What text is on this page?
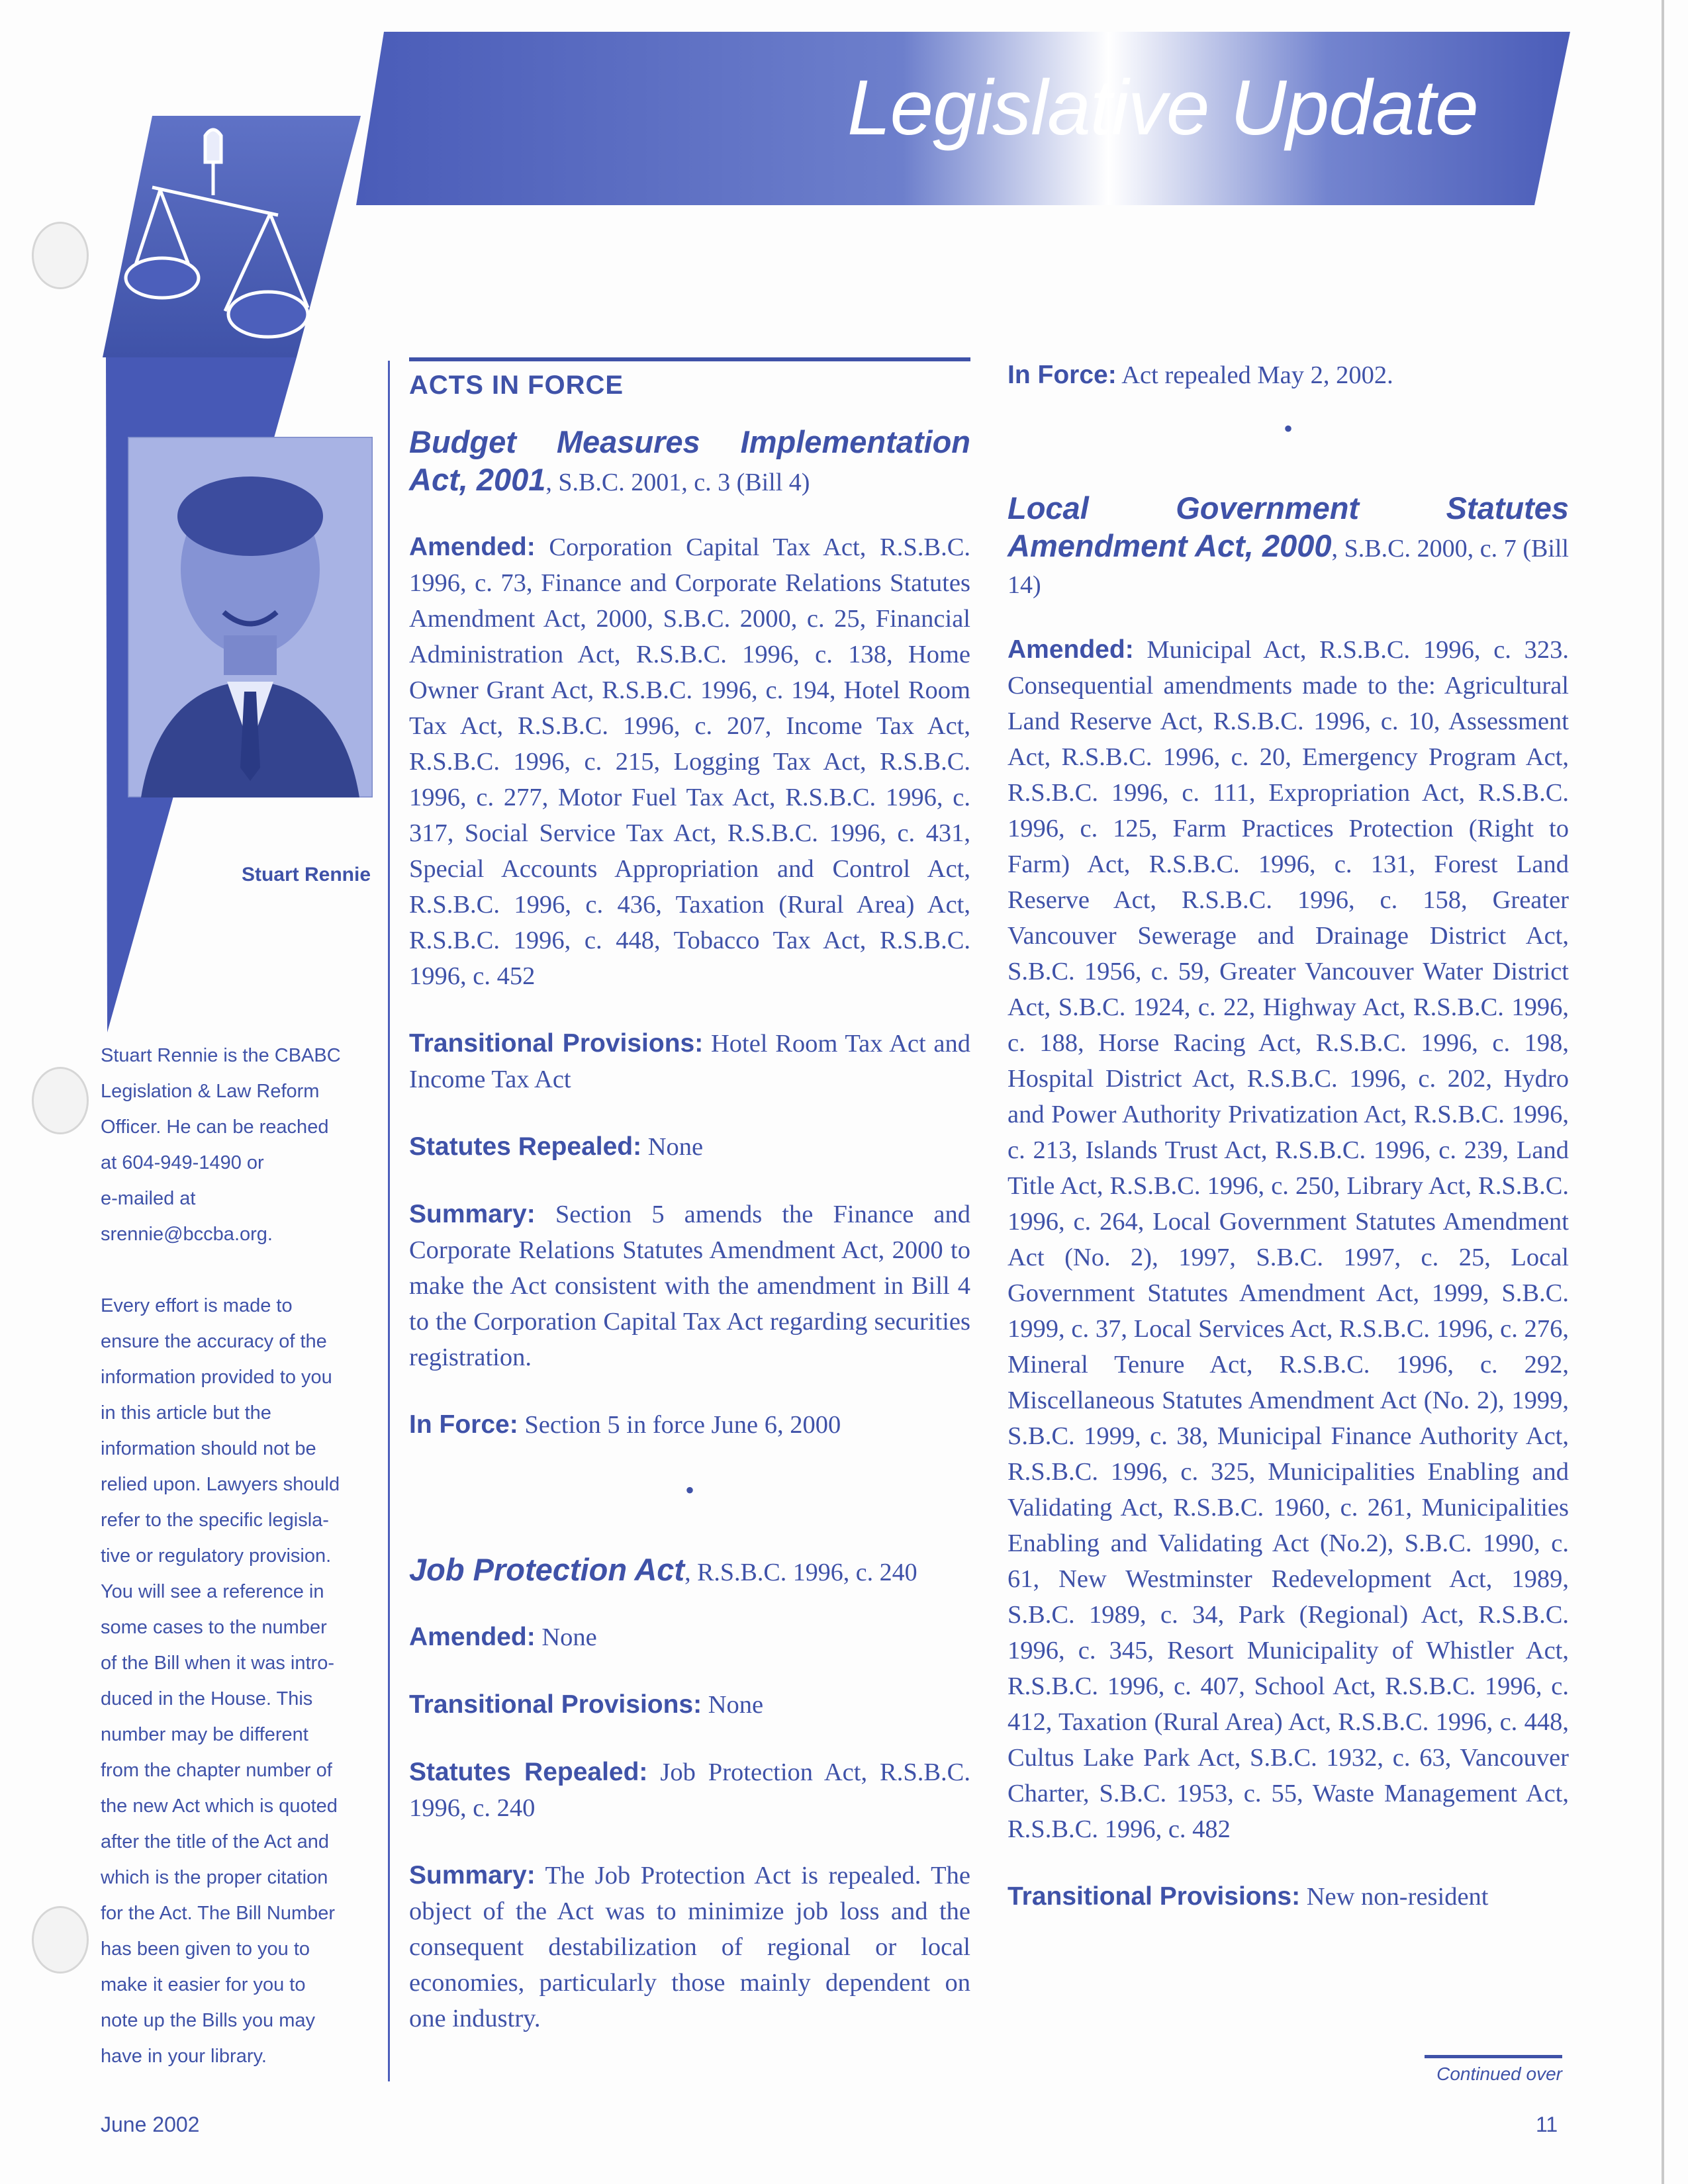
Legislative Update
Stuart Rennie

Stuart Rennie is the CBABC
Legislation & Law Reform
Officer. He can be reached
at 604-949-1490 or
e-mailed at
srennie@bccba.org.

Every effort is made to
ensure the accuracy of the
information provided to you
in this article but the
information should not be
relied upon. Lawyers should
refer to the specific legisla-
tive or regulatory provision.
You will see a reference in
some cases to the number
of the Bill when it was intro-
duced in the House. This
number may be different
from the chapter number of
the new Act which is quoted
after the title of the Act and
which is the proper citation
for the Act. The Bill Number
has been given to you to
make it easier for you to
note up the Bills you may
have in your library.

ACTS IN FORCE
Budget Measures Implementation Act, 2001, S.B.C. 2001, c. 3 (Bill 4)

Amended: Corporation Capital Tax Act, R.S.B.C. 1996, c. 73, Finance and Corporate Relations Statutes Amendment Act, 2000, S.B.C. 2000, c. 25, Financial Administration Act, R.S.B.C. 1996, c. 138, Home Owner Grant Act, R.S.B.C. 1996, c. 194, Hotel Room Tax Act, R.S.B.C. 1996, c. 207, Income Tax Act, R.S.B.C. 1996, c. 215, Logging Tax Act, R.S.B.C. 1996, c. 277, Motor Fuel Tax Act, R.S.B.C. 1996, c. 317, Social Service Tax Act, R.S.B.C. 1996, c. 431, Special Accounts Appropriation and Control Act, R.S.B.C. 1996, c. 436, Taxation (Rural Area) Act, R.S.B.C. 1996, c. 448, Tobacco Tax Act, R.S.B.C. 1996, c. 452

Transitional Provisions: Hotel Room Tax Act and Income Tax Act

Statutes Repealed: None

Summary: Section 5 amends the Finance and Corporate Relations Statutes Amendment Act, 2000 to make the Act consistent with the amendment in Bill 4 to the Corporation Capital Tax Act regarding securities registration.

In Force: Section 5 in force June 6, 2000

•
Job Protection Act, R.S.B.C. 1996, c. 240

Amended: None

Transitional Provisions: None

Statutes Repealed: Job Protection Act, R.S.B.C. 1996, c. 240

Summary: The Job Protection Act is repealed. The object of the Act was to minimize job loss and the consequent destabilization of regional or local economies, particularly those mainly dependent on one industry.

In Force: Act repealed May 2, 2002.

•
Local Government Statutes Amendment Act, 2000, S.B.C. 2000, c. 7 (Bill 14)

Amended: Municipal Act, R.S.B.C. 1996, c. 323. Consequential amendments made to the: Agricultural Land Reserve Act, R.S.B.C. 1996, c. 10, Assessment Act, R.S.B.C. 1996, c. 20, Emergency Program Act, R.S.B.C. 1996, c. 111, Expropriation Act, R.S.B.C. 1996, c. 125, Farm Practices Protection (Right to Farm) Act, R.S.B.C. 1996, c. 131, Forest Land Reserve Act, R.S.B.C. 1996, c. 158, Greater Vancouver Sewerage and Drainage District Act, S.B.C. 1956, c. 59, Greater Vancouver Water District Act, S.B.C. 1924, c. 22, Highway Act, R.S.B.C. 1996, c. 188, Horse Racing Act, R.S.B.C. 1996, c. 198, Hospital District Act, R.S.B.C. 1996, c. 202, Hydro and Power Authority Privatization Act, R.S.B.C. 1996, c. 213, Islands Trust Act, R.S.B.C. 1996, c. 239, Land Title Act, R.S.B.C. 1996, c. 250, Library Act, R.S.B.C. 1996, c. 264, Local Government Statutes Amendment Act (No. 2), 1997, S.B.C. 1997, c. 25, Local Government Statutes Amendment Act, 1999, S.B.C. 1999, c. 37, Local Services Act, R.S.B.C. 1996, c. 276, Mineral Tenure Act, R.S.B.C. 1996, c. 292, Miscellaneous Statutes Amendment Act (No. 2), 1999, S.B.C. 1999, c. 38, Municipal Finance Authority Act, R.S.B.C. 1996, c. 325, Municipalities Enabling and Validating Act, R.S.B.C. 1960, c. 261, Municipalities Enabling and Validating Act (No.2), S.B.C. 1990, c. 61, New Westminster Redevelopment Act, 1989, S.B.C. 1989, c. 34, Park (Regional) Act, R.S.B.C. 1996, c. 345, Resort Municipality of Whistler Act, R.S.B.C. 1996, c. 407, School Act, R.S.B.C. 1996, c. 412, Taxation (Rural Area) Act, R.S.B.C. 1996, c. 448, Cultus Lake Park Act, S.B.C. 1932, c. 63, Vancouver Charter, S.B.C. 1953, c. 55, Waste Management Act, R.S.B.C. 1996, c. 482

Transitional Provisions: New non-resident

Continued over
June 2002	11
